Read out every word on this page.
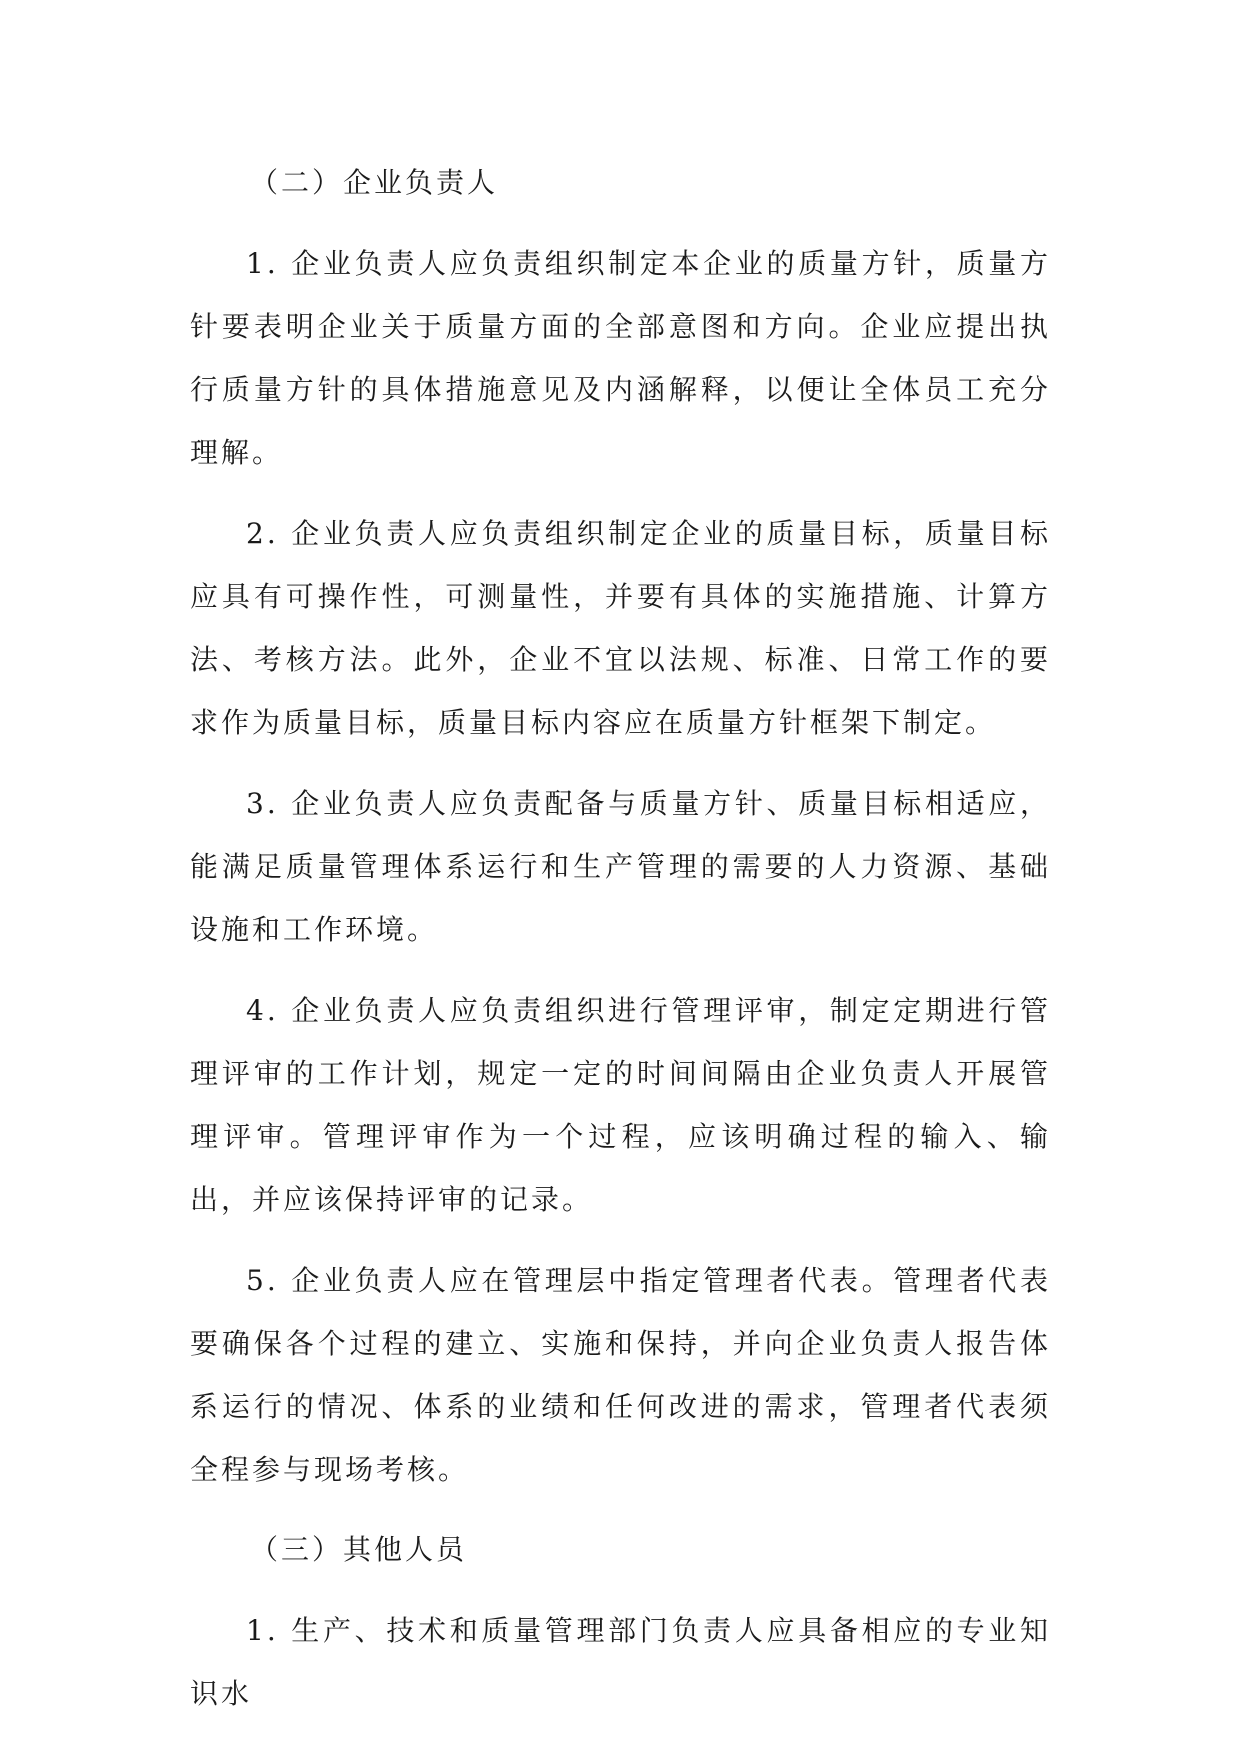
（二）企业负责人

1. 企业负责人应负责组织制定本企业的质量方针，质量方针要表明企业关于质量方面的全部意图和方向。企业应提出执行质量方针的具体措施意见及内涵解释，以便让全体员工充分理解。

2. 企业负责人应负责组织制定企业的质量目标，质量目标应具有可操作性，可测量性，并要有具体的实施措施、计算方法、考核方法。此外，企业不宜以法规、标准、日常工作的要求作为质量目标，质量目标内容应在质量方针框架下制定。

3. 企业负责人应负责配备与质量方针、质量目标相适应，能满足质量管理体系运行和生产管理的需要的人力资源、基础设施和工作环境。

4. 企业负责人应负责组织进行管理评审，制定定期进行管理评审的工作计划，规定一定的时间间隔由企业负责人开展管理评审。管理评审作为一个过程，应该明确过程的输入、输出，并应该保持评审的记录。

5. 企业负责人应在管理层中指定管理者代表。管理者代表要确保各个过程的建立、实施和保持，并向企业负责人报告体系运行的情况、体系的业绩和任何改进的需求，管理者代表须全程参与现场考核。

（三）其他人员

1. 生产、技术和质量管理部门负责人应具备相应的专业知识水
